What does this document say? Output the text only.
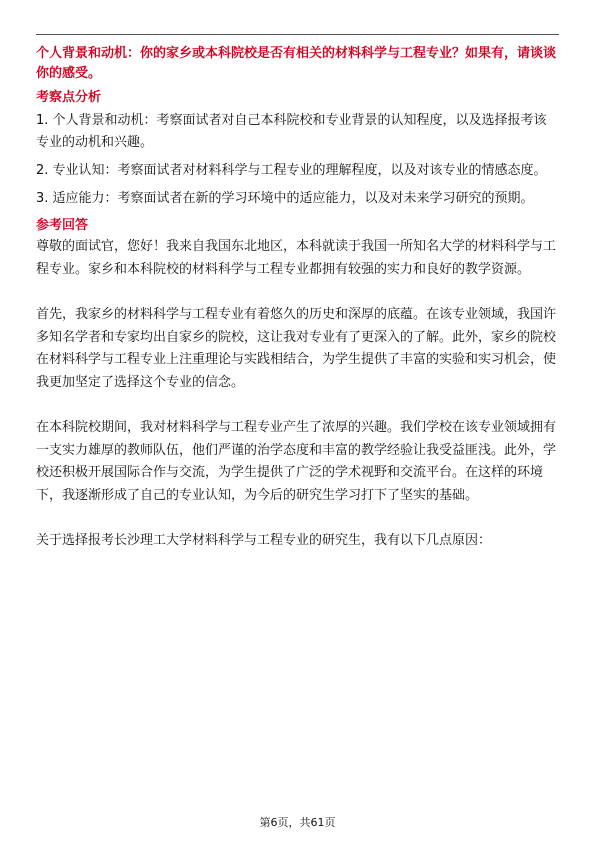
个人背景和动机：你的家乡或本科院校是否有相关的材料科学与工程专业？如果有，请谈谈你的感受。

考察点分析

1. 个人背景和动机：考察面试者对自己本科院校和专业背景的认知程度，以及选择报考该专业的动机和兴趣。
2. 专业认知：考察面试者对材料科学与工程专业的理解程度，以及对该专业的情感态度。
3. 适应能力：考察面试者在新的学习环境中的适应能力，以及对未来学习研究的预期。

参考回答

尊敬的面试官，您好！我来自我国东北地区，本科就读于我国一所知名大学的材料科学与工程专业。家乡和本科院校的材料科学与工程专业都拥有较强的实力和良好的教学资源。

首先，我家乡的材料科学与工程专业有着悠久的历史和深厚的底蕴。在该专业领域，我国许多知名学者和专家均出自家乡的院校，这让我对专业有了更深入的了解。此外，家乡的院校在材料科学与工程专业上注重理论与实践相结合，为学生提供了丰富的实验和实习机会，使我更加坚定了选择这个专业的信念。

在本科院校期间，我对材料科学与工程专业产生了浓厚的兴趣。我们学校在该专业领域拥有一支实力雄厚的教师队伍，他们严谨的治学态度和丰富的教学经验让我受益匪浅。此外，学校还积极开展国际合作与交流，为学生提供了广泛的学术视野和交流平台。在这样的环境下，我逐渐形成了自己的专业认知，为今后的研究生学习打下了坚实的基础。

关于选择报考长沙理工大学材料科学与工程专业的研究生，我有以下几点原因：

第6页，共61页
